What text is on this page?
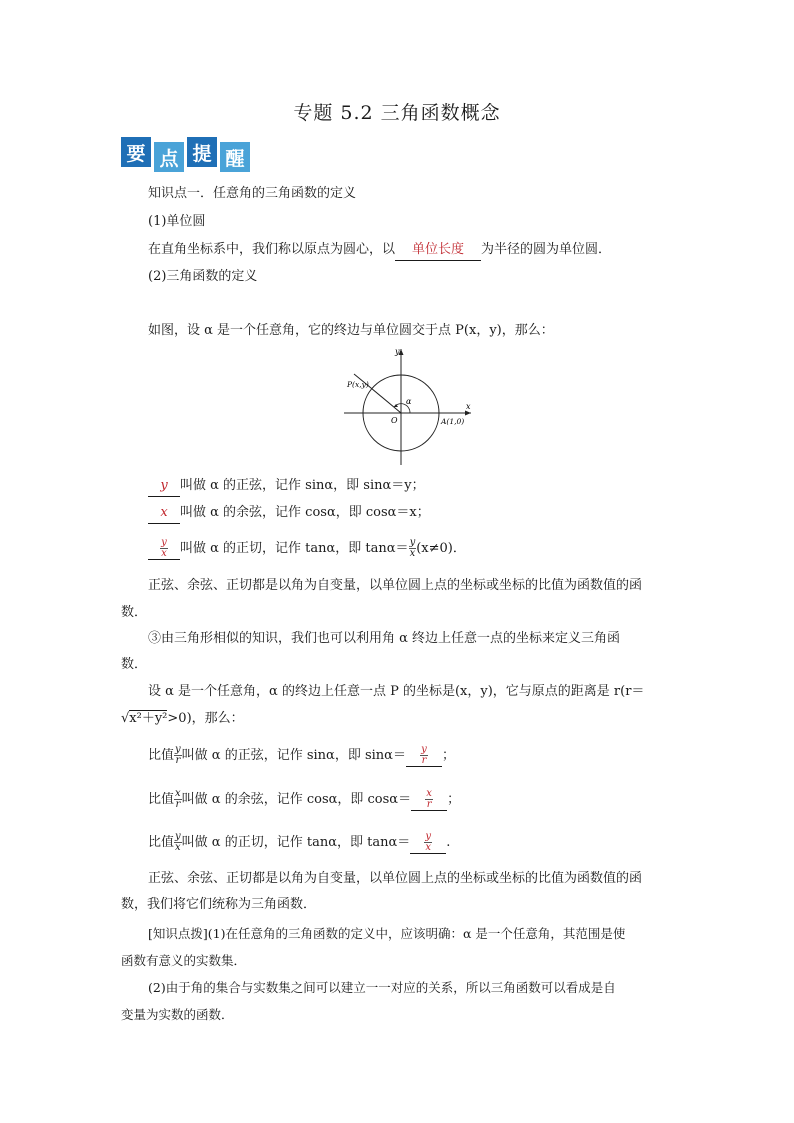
专题 5.2 三角函数概念
要 点 提 醒
知识点一．任意角的三角函数的定义
(1)单位圆
在直角坐标系中，我们称以原点为圆心，以 单位长度 为半径的圆为单位圆．
(2)三角函数的定义
如图，设 α 是一个任意角，它的终边与单位圆交于点 P(x，y)，那么：
y
x
P(x,y)
α
O	A(1,0)
y 叫做 α 的正弦，记作 sinα，即 sinα＝y；
x 叫做 α 的余弦，记作 cosα，即 cosα＝x；
$\frac{y}{x}$ 叫做 α 的正切，记作 tanα，即 $\tan\alpha= \frac{y}{x} (x\ne 0)$．
正弦、余弦、正切都是以角为自变量，以单位圆上点的坐标或坐标的比值为函数值的函
数．
③由三角形相似的知识，我们也可以利用角 α 终边上任意一点的坐标来定义三角函
数．
设 α 是一个任意角，α 的终边上任意一点 P 的坐标是(x，y)，它与原点的距离是 r(r＝
√x²＋y²>0)，那么：
比值 $\frac{y}{r}$ 叫做 α 的正弦，记作 sinα，即 $\sin\alpha= \frac{y}{r}$ ；
比值 $\frac{x}{r}$ 叫做 α 的余弦，记作 cosα，即 $\cos\alpha= \frac{x}{r}$ ；
比值 $\frac{y}{x}$ 叫做 α 的正切，记作 tanα，即 $\tan\alpha= \frac{y}{x}$ .
正弦、余弦、正切都是以角为自变量，以单位圆上点的坐标或坐标的比值为函数值的函
数，我们将它们统称为三角函数．
[知识点拨](1)在任意角的三角函数的定义中，应该明确：α 是一个任意角，其范围是使
函数有意义的实数集．
(2)由于角的集合与实数集之间可以建立一一对应的关系，所以三角函数可以看成是自
变量为实数的函数．
